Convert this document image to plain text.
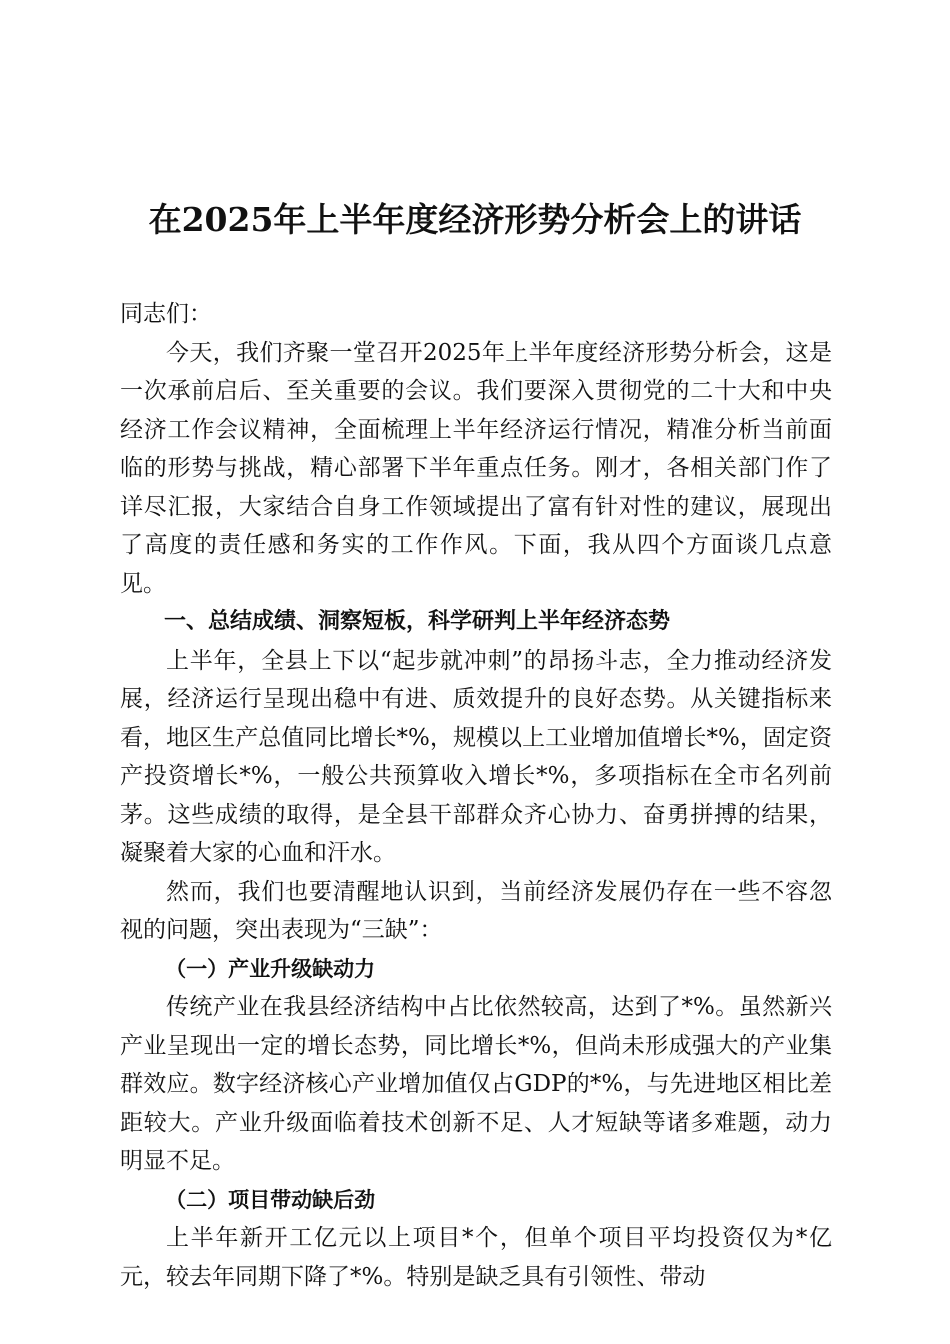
在2025年上半年度经济形势分析会上的讲话

同志们：

今天，我们齐聚一堂召开2025年上半年度经济形势分析会，这是一次承前启后、至关重要的会议。我们要深入贯彻党的二十大和中央经济工作会议精神，全面梳理上半年经济运行情况，精准分析当前面临的形势与挑战，精心部署下半年重点任务。刚才，各相关部门作了详尽汇报，大家结合自身工作领域提出了富有针对性的建议，展现出了高度的责任感和务实的工作作风。下面，我从四个方面谈几点意见。

一、总结成绩、洞察短板，科学研判上半年经济态势

上半年，全县上下以“起步就冲刺”的昂扬斗志，全力推动经济发展，经济运行呈现出稳中有进、质效提升的良好态势。从关键指标来看，地区生产总值同比增长*%，规模以上工业增加值增长*%，固定资产投资增长*%，一般公共预算收入增长*%，多项指标在全市名列前茅。这些成绩的取得，是全县干部群众齐心协力、奋勇拼搏的结果，凝聚着大家的心血和汗水。

然而，我们也要清醒地认识到，当前经济发展仍存在一些不容忽视的问题，突出表现为“三缺”：

（一）产业升级缺动力

传统产业在我县经济结构中占比依然较高，达到了*%。虽然新兴产业呈现出一定的增长态势，同比增长*%，但尚未形成强大的产业集群效应。数字经济核心产业增加值仅占GDP的*%，与先进地区相比差距较大。产业升级面临着技术创新不足、人才短缺等诸多难题，动力明显不足。

（二）项目带动缺后劲

上半年新开工亿元以上项目*个，但单个项目平均投资仅为*亿元，较去年同期下降了*%。特别是缺乏具有引领性、带动
